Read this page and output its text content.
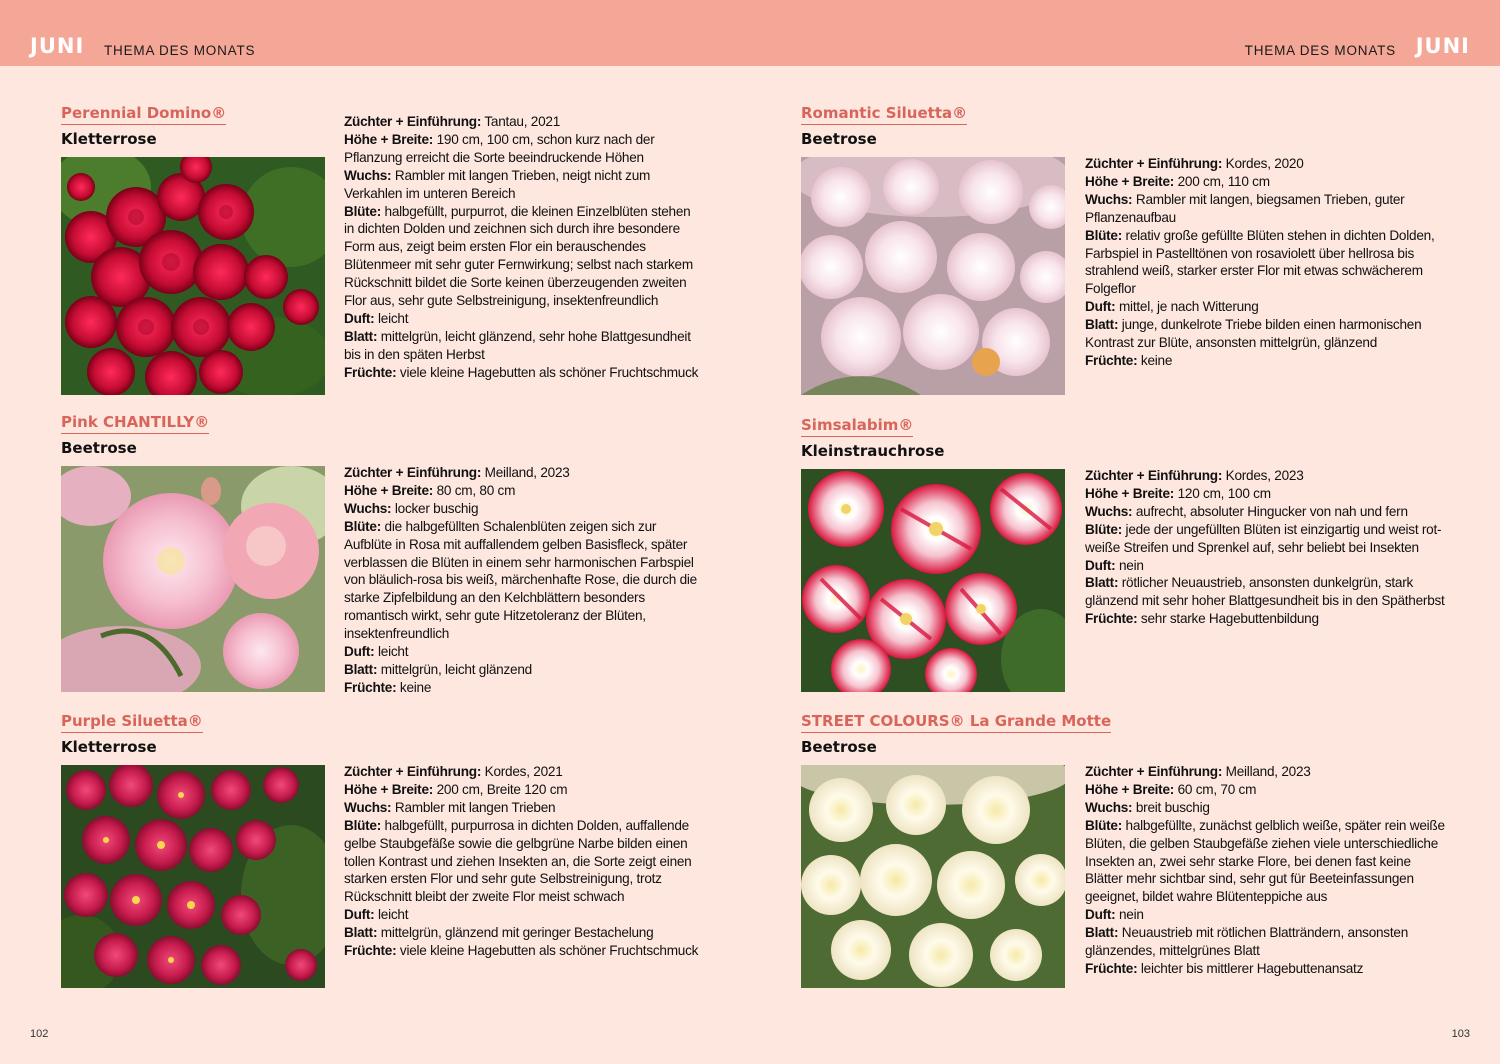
JUNI THEMA DES MONATS	THEMA DES MONATS JUNI
Perennial Domino®
Kletterrose

Züchter + Einführung: Tantau, 2021

Höhe + Breite: 190 cm, 100 cm, schon kurz nach der Pflanzung erreicht die Sorte beeindruckende Höhen

Wuchs: Rambler mit langen Trieben, neigt nicht zum Verkahlen im unteren Bereich

Blüte: halbgefüllt, purpurrot, die kleinen Einzelblüten stehen in dichten Dolden und zeichnen sich durch ihre besondere Form aus, zeigt beim ersten Flor ein berauschendes Blütenmeer mit sehr guter Fernwirkung; selbst nach starkem Rückschnitt bildet die Sorte keinen überzeugenden zweiten Flor aus, sehr gute Selbstreinigung, insektenfreundlich

Duft: leicht

Blatt: mittelgrün, leicht glänzend, sehr hohe Blattgesundheit bis in den späten Herbst

Früchte: viele kleine Hagebutten als schöner Fruchtschmuck

Pink CHANTILLY®
Beetrose

Züchter + Einführung: Meilland, 2023

Höhe + Breite: 80 cm, 80 cm

Wuchs: locker buschig

Blüte: die halbgefüllten Schalenblüten zeigen sich zur Aufblüte in Rosa mit auffallendem gelben Basisfleck, später verblassen die Blüten in einem sehr harmonischen Farbspiel von bläulich-rosa bis weiß, märchenhafte Rose, die durch die starke Zipfelbildung an den Kelchblättern besonders romantisch wirkt, sehr gute Hitzetoleranz der Blüten, insektenfreundlich

Duft: leicht

Blatt: mittelgrün, leicht glänzend

Früchte: keine

Purple Siluetta®
Kletterrose

Züchter + Einführung: Kordes, 2021

Höhe + Breite: 200 cm, Breite 120 cm

Wuchs: Rambler mit langen Trieben

Blüte: halbgefüllt, purpurrosa in dichten Dolden, auffallende gelbe Staubgefäße sowie die gelbgrüne Narbe bilden einen tollen Kontrast und ziehen Insekten an, die Sorte zeigt einen starken ersten Flor und sehr gute Selbstreinigung, trotz Rückschnitt bleibt der zweite Flor meist schwach

Duft: leicht

Blatt: mittelgrün, glänzend mit geringer Bestachelung

Früchte: viele kleine Hagebutten als schöner Fruchtschmuck

Romantic Siluetta®
Beetrose

Züchter + Einführung: Kordes, 2020

Höhe + Breite: 200 cm, 110 cm

Wuchs: Rambler mit langen, biegsamen Trieben, guter Pflanzenaufbau

Blüte: relativ große gefüllte Blüten stehen in dichten Dolden, Farbspiel in Pastelltönen von rosaviolett über hellrosa bis strahlend weiß, starker erster Flor mit etwas schwächerem Folgeflor

Duft: mittel, je nach Witterung

Blatt: junge, dunkelrote Triebe bilden einen harmonischen Kontrast zur Blüte, ansonsten mittelgrün, glänzend

Früchte: keine

Simsalabim®
Kleinstrauchrose

Züchter + Einführung: Kordes, 2023

Höhe + Breite: 120 cm, 100 cm

Wuchs: aufrecht, absoluter Hingucker von nah und fern

Blüte: jede der ungefüllten Blüten ist einzigartig und weist rot-weiße Streifen und Sprenkel auf, sehr beliebt bei Insekten

Duft: nein

Blatt: rötlicher Neuaustrieb, ansonsten dunkelgrün, stark glänzend mit sehr hoher Blattgesundheit bis in den Spätherbst

Früchte: sehr starke Hagebuttenbildung

STREET COLOURS® La Grande Motte
Beetrose

Züchter + Einführung: Meilland, 2023

Höhe + Breite: 60 cm, 70 cm

Wuchs: breit buschig

Blüte: halbgefüllte, zunächst gelblich weiße, später rein weiße Blüten, die gelben Staubgefäße ziehen viele unterschiedliche Insekten an, zwei sehr starke Flore, bei denen fast keine Blätter mehr sichtbar sind, sehr gut für Beeteinfassungen geeignet, bildet wahre Blütenteppiche aus

Duft: nein

Blatt: Neuaustrieb mit rötlichen Blatträndern, ansonsten glänzendes, mittelgrünes Blatt

Früchte: leichter bis mittlerer Hagebuttenansatz

102	103
